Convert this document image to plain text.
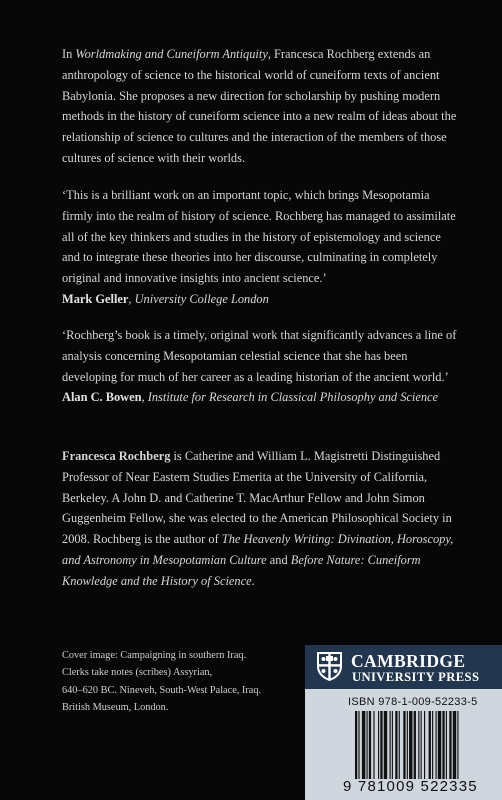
In Worldmaking and Cuneiform Antiquity, Francesca Rochberg extends an anthropology of science to the historical world of cuneiform texts of ancient Babylonia. She proposes a new direction for scholarship by pushing modern methods in the history of cuneiform science into a new realm of ideas about the relationship of science to cultures and the interaction of the members of those cultures of science with their worlds.

‘This is a brilliant work on an important topic, which brings Mesopotamia firmly into the realm of history of science. Rochberg has managed to assimilate all of the key thinkers and studies in the history of epistemology and science and to integrate these theories into her discourse, culminating in completely original and innovative insights into ancient science.’
Mark Geller, University College London

‘Rochberg’s book is a timely, original work that significantly advances a line of analysis concerning Mesopotamian celestial science that she has been developing for much of her career as a leading historian of the ancient world.’
Alan C. Bowen, Institute for Research in Classical Philosophy and Science

Francesca Rochberg is Catherine and William L. Magistretti Distinguished Professor of Near Eastern Studies Emerita at the University of California, Berkeley. A John D. and Catherine T. MacArthur Fellow and John Simon Guggenheim Fellow, she was elected to the American Philosophical Society in 2008. Rochberg is the author of The Heavenly Writing: Divination, Horoscopy, and Astronomy in Mesopotamian Culture and Before Nature: Cuneiform Knowledge and the History of Science.

Cover image: Campaigning in southern Iraq.
Clerks take notes (scribes) Assyrian,
640–620 BC. Nineveh, South-West Palace, Iraq.
British Museum, London.
CAMBRIDGE
UNIVERSITY PRESS
ISBN 978-1-009-52233-5
9 781009 522335
